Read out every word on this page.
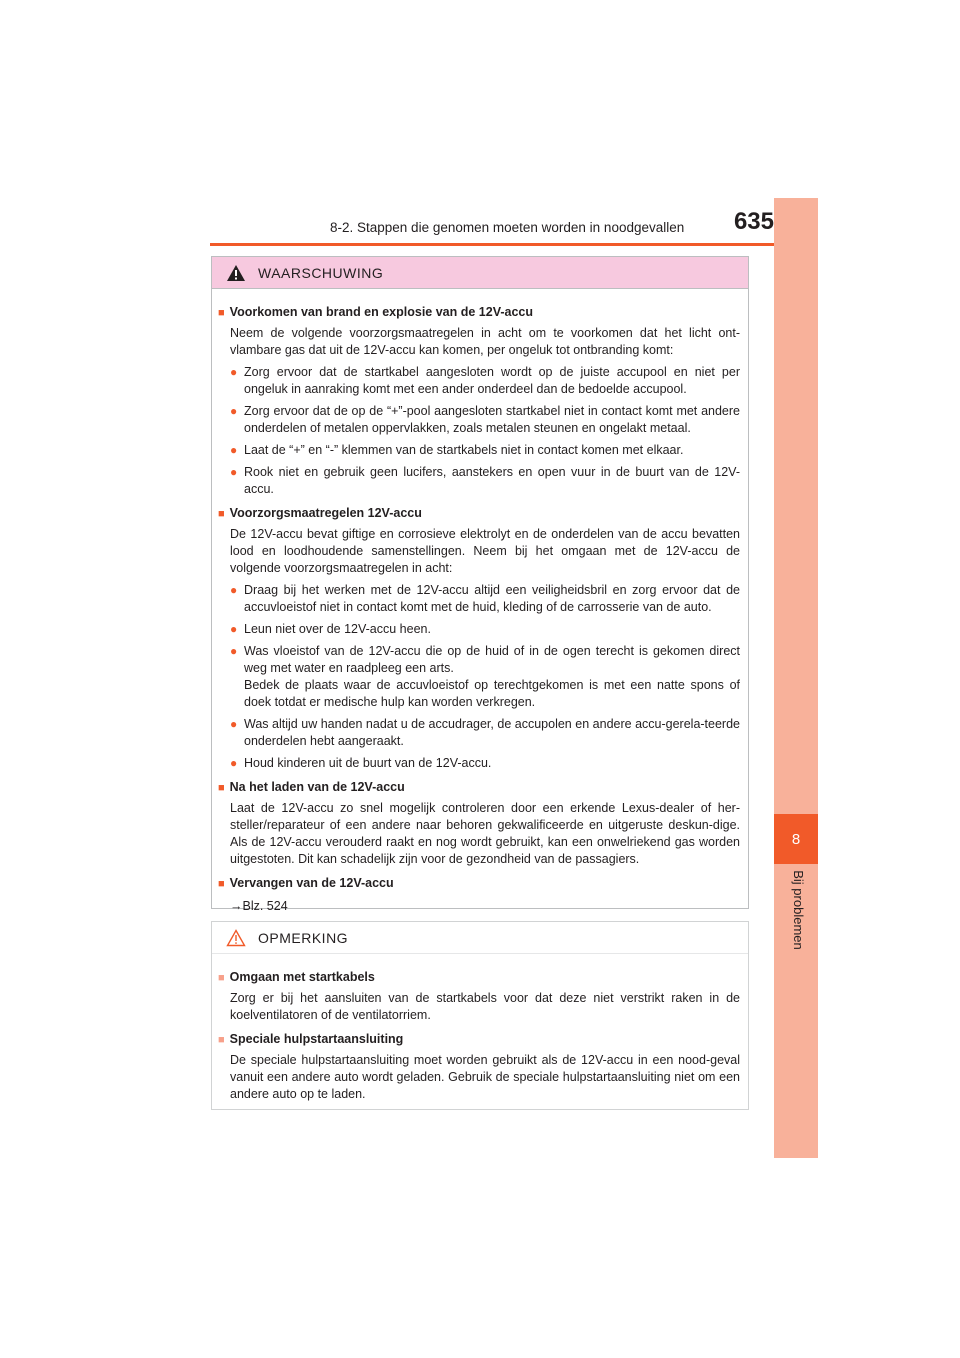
8-2. Stappen die genomen moeten worden in noodgevallen	635
8
Bij problemen
WAARSCHUWING
■ Voorkomen van brand en explosie van de 12V-accu
Neem de volgende voorzorgsmaatregelen in acht om te voorkomen dat het licht ont-vlambare gas dat uit de 12V-accu kan komen, per ongeluk tot ontbranding komt:
● Zorg ervoor dat de startkabel aangesloten wordt op de juiste accupool en niet per ongeluk in aanraking komt met een ander onderdeel dan de bedoelde accupool.
● Zorg ervoor dat de op de “+”-pool aangesloten startkabel niet in contact komt met andere onderdelen of metalen oppervlakken, zoals metalen steunen en ongelakt metaal.
● Laat de “+” en “-” klemmen van de startkabels niet in contact komen met elkaar.
● Rook niet en gebruik geen lucifers, aanstekers en open vuur in de buurt van de 12V-accu.
■ Voorzorgsmaatregelen 12V-accu
De 12V-accu bevat giftige en corrosieve elektrolyt en de onderdelen van de accu bevatten lood en loodhoudende samenstellingen. Neem bij het omgaan met de 12V-accu de volgende voorzorgsmaatregelen in acht:
● Draag bij het werken met de 12V-accu altijd een veiligheidsbril en zorg ervoor dat de accuvloeistof niet in contact komt met de huid, kleding of de carrosserie van de auto.
● Leun niet over de 12V-accu heen.
● Was vloeistof van de 12V-accu die op de huid of in de ogen terecht is gekomen direct weg met water en raadpleeg een arts.
Bedek de plaats waar de accuvloeistof op terechtgekomen is met een natte spons of doek totdat er medische hulp kan worden verkregen.
● Was altijd uw handen nadat u de accudrager, de accupolen en andere accu-gerela-teerde onderdelen hebt aangeraakt.
● Houd kinderen uit de buurt van de 12V-accu.
■ Na het laden van de 12V-accu
Laat de 12V-accu zo snel mogelijk controleren door een erkende Lexus-dealer of her-steller/reparateur of een andere naar behoren gekwalificeerde en uitgeruste deskun-dige. Als de 12V-accu verouderd raakt en nog wordt gebruikt, kan een onwelriekend gas worden uitgestoten. Dit kan schadelijk zijn voor de gezondheid van de passagiers.
■ Vervangen van de 12V-accu
→Blz. 524
OPMERKING
■ Omgaan met startkabels
Zorg er bij het aansluiten van de startkabels voor dat deze niet verstrikt raken in de koelventilatoren of de ventilatorriem.
■ Speciale hulpstartaansluiting
De speciale hulpstartaansluiting moet worden gebruikt als de 12V-accu in een nood-geval vanuit een andere auto wordt geladen. Gebruik de speciale hulpstartaansluiting niet om een andere auto op te laden.
